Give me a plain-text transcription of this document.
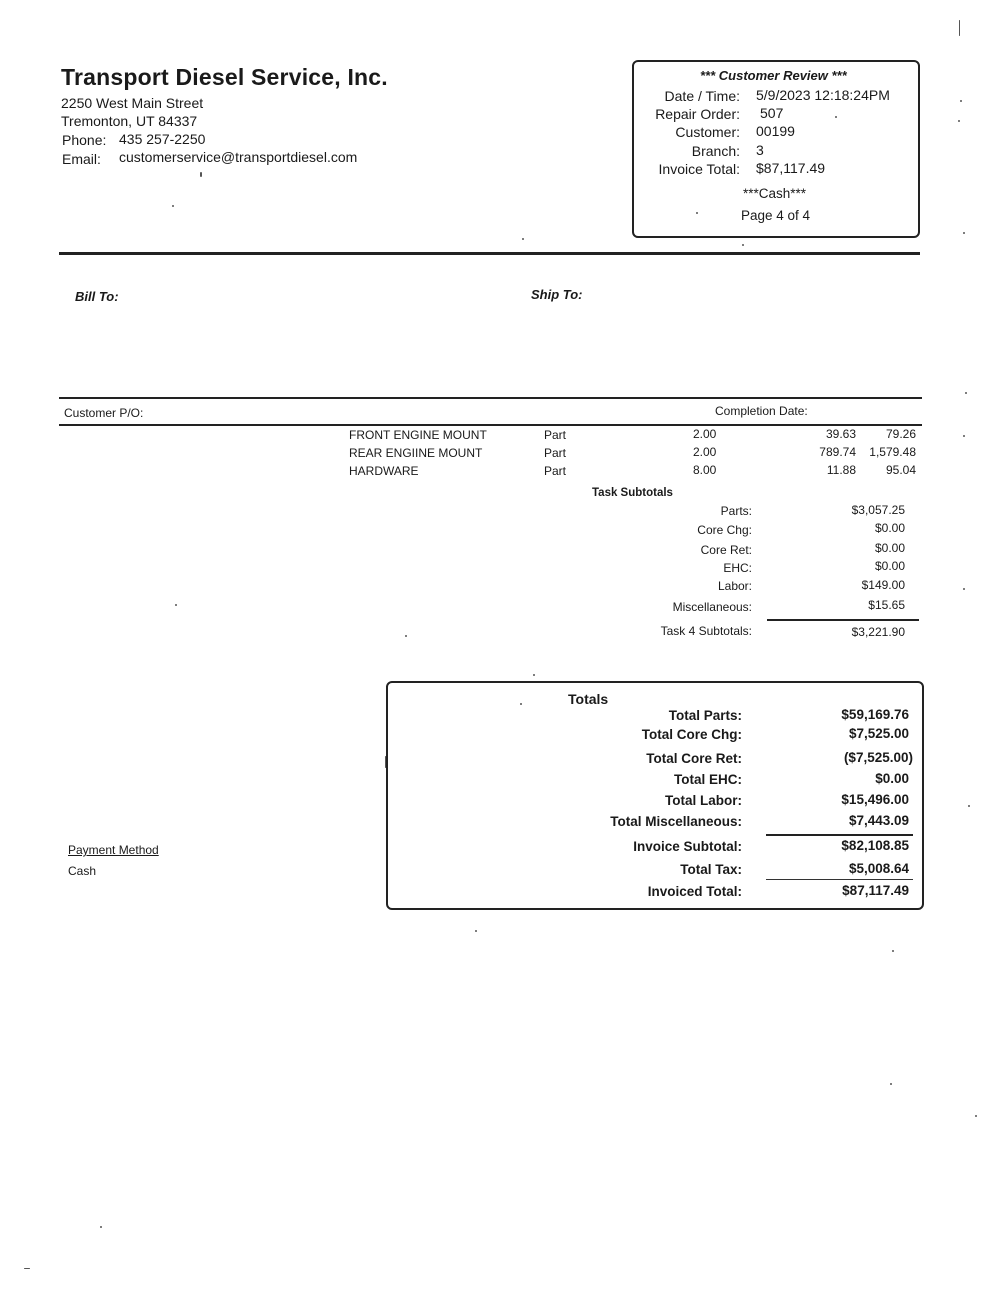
Transport Diesel Service, Inc.
2250 West Main Street
Tremonton, UT 84337
Phone: 435 257-2250
Email: customerservice@transportdiesel.com
*** Customer Review ***
Date / Time: 5/9/2023 12:18:24PM
Repair Order: 507
Customer: 00199
Branch: 3
Invoice Total: $87,117.49
***Cash***
Page 4 of 4
Bill To:	Ship To:
Customer P/O:	Completion Date:
FRONT ENGINE MOUNT	Part	2.00	39.63	79.26
REAR ENGIINE MOUNT	Part	2.00	789.74	1,579.48
HARDWARE	Part	8.00	11.88	95.04
Task Subtotals
Parts:	$3,057.25
Core Chg:	$0.00
Core Ret:	$0.00
EHC:	$0.00
Labor:	$149.00
Miscellaneous:	$15.65
Task 4 Subtotals:	$3,221.90
Totals
Total Parts:	$59,169.76
Total Core Chg:	$7,525.00
Total Core Ret:	($7,525.00)
Total EHC:	$0.00
Total Labor:	$15,496.00
Total Miscellaneous:	$7,443.09
Invoice Subtotal:	$82,108.85
Total Tax:	$5,008.64
Invoiced Total:	$87,117.49
Payment Method
Cash
